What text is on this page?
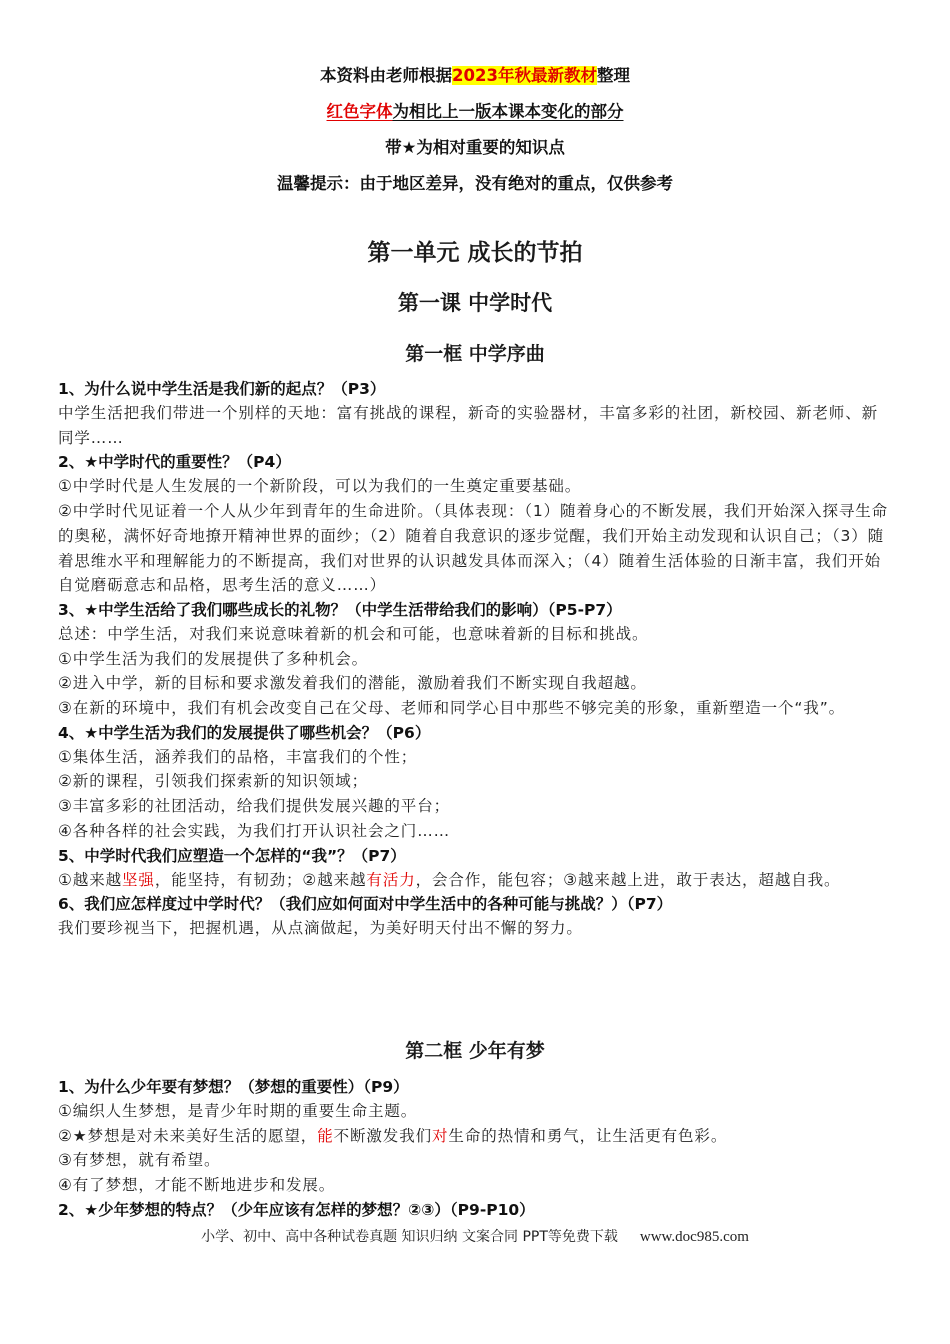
本资料由老师根据2023年秋最新教材整理
红色字体为相比上一版本课本变化的部分
带★为相对重要的知识点
温馨提示：由于地区差异，没有绝对的重点，仅供参考
第一单元 成长的节拍
第一课 中学时代
第一框 中学序曲

1、为什么说中学生活是我们新的起点？（P3）

中学生活把我们带进一个别样的天地：富有挑战的课程，新奇的实验器材，丰富多彩的社团，新校园、新老师、新同学……

2、★中学时代的重要性？（P4）

①中学时代是人生发展的一个新阶段，可以为我们的一生奠定重要基础。

②中学时代见证着一个人从少年到青年的生命进阶。（具体表现：（1）随着身心的不断发展，我们开始深入探寻生命的奥秘，满怀好奇地撩开精神世界的面纱；（2）随着自我意识的逐步觉醒，我们开始主动发现和认识自己；（3）随着思维水平和理解能力的不断提高，我们对世界的认识越发具体而深入；（4）随着生活体验的日渐丰富，我们开始自觉磨砺意志和品格，思考生活的意义……）

3、★中学生活给了我们哪些成长的礼物？（中学生活带给我们的影响）（P5-P7）

总述：中学生活，对我们来说意味着新的机会和可能，也意味着新的目标和挑战。

①中学生活为我们的发展提供了多种机会。

②进入中学，新的目标和要求激发着我们的潜能，激励着我们不断实现自我超越。

③在新的环境中，我们有机会改变自己在父母、老师和同学心目中那些不够完美的形象，重新塑造一个“我”。

4、★中学生活为我们的发展提供了哪些机会？（P6）

①集体生活，涵养我们的品格，丰富我们的个性；

②新的课程，引领我们探索新的知识领域；

③丰富多彩的社团活动，给我们提供发展兴趣的平台；

④各种各样的社会实践，为我们打开认识社会之门……

5、中学时代我们应塑造一个怎样的“我”？（P7）

①越来越坚强，能坚持，有韧劲；②越来越有活力，会合作，能包容；③越来越上进，敢于表达，超越自我。

6、我们应怎样度过中学时代？（我们应如何面对中学生活中的各种可能与挑战？）（P7）

我们要珍视当下，把握机遇，从点滴做起，为美好明天付出不懈的努力。

第二框 少年有梦

1、为什么少年要有梦想？（梦想的重要性）（P9）

①编织人生梦想，是青少年时期的重要生命主题。

②★梦想是对未来美好生活的愿望，能不断激发我们对生命的热情和勇气，让生活更有色彩。

③有梦想，就有希望。

④有了梦想，才能不断地进步和发展。

2、★少年梦想的特点？（少年应该有怎样的梦想？②③）（P9-P10）

小学、初中、高中各种试卷真题 知识归纳 文案合同 PPT等免费下载 www.doc985.com
